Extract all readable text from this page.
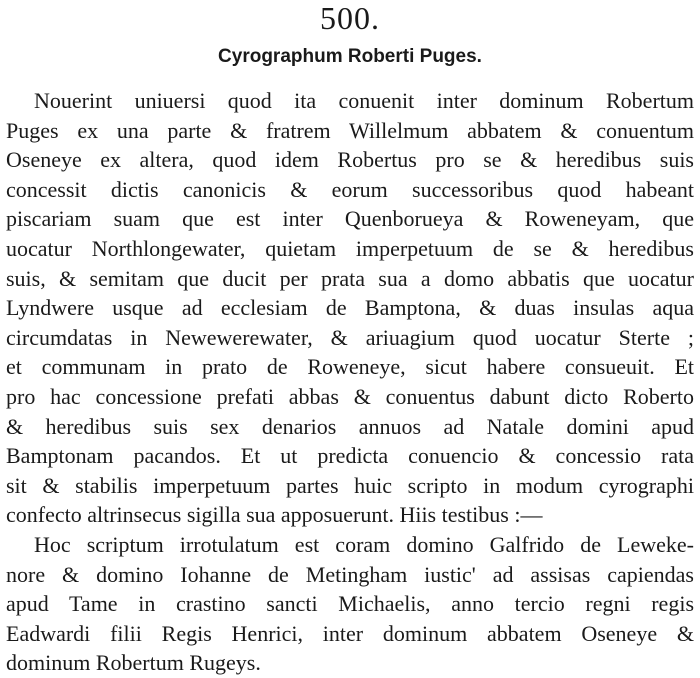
500.
Cyrographum Roberti Puges.

Nouerint uniuersi quod ita conuenit inter dominum Robertum
Puges ex una parte & fratrem Willelmum abbatem & conuentum
Oseneye ex altera, quod idem Robertus pro se & heredibus suis
concessit dictis canonicis & eorum successoribus quod habeant
piscariam suam que est inter Quenborueya & Roweneyam, que
uocatur Northlongewater, quietam imperpetuum de se & heredibus
suis, & semitam que ducit per prata sua a domo abbatis que uocatur
Lyndwere usque ad ecclesiam de Bamptona, & duas insulas aqua
circumdatas in Newewerewater, & ariuagium quod uocatur Sterte ;
et communam in prato de Roweneye, sicut habere consueuit. Et
pro hac concessione prefati abbas & conuentus dabunt dicto Roberto
& heredibus suis sex denarios annuos ad Natale domini apud
Bamptonam pacandos. Et ut predicta conuencio & concessio rata
sit & stabilis imperpetuum partes huic scripto in modum cyrographi
confecto altrinsecus sigilla sua apposuerunt. Hiis testibus :—

Hoc scriptum irrotulatum est coram domino Galfrido de Leweke-
nore & domino Iohanne de Metingham iustic' ad assisas capiendas
apud Tame in crastino sancti Michaelis, anno tercio regni regis
Eadwardi filii Regis Henrici, inter dominum abbatem Oseneye &
dominum Robertum Rugeys.
